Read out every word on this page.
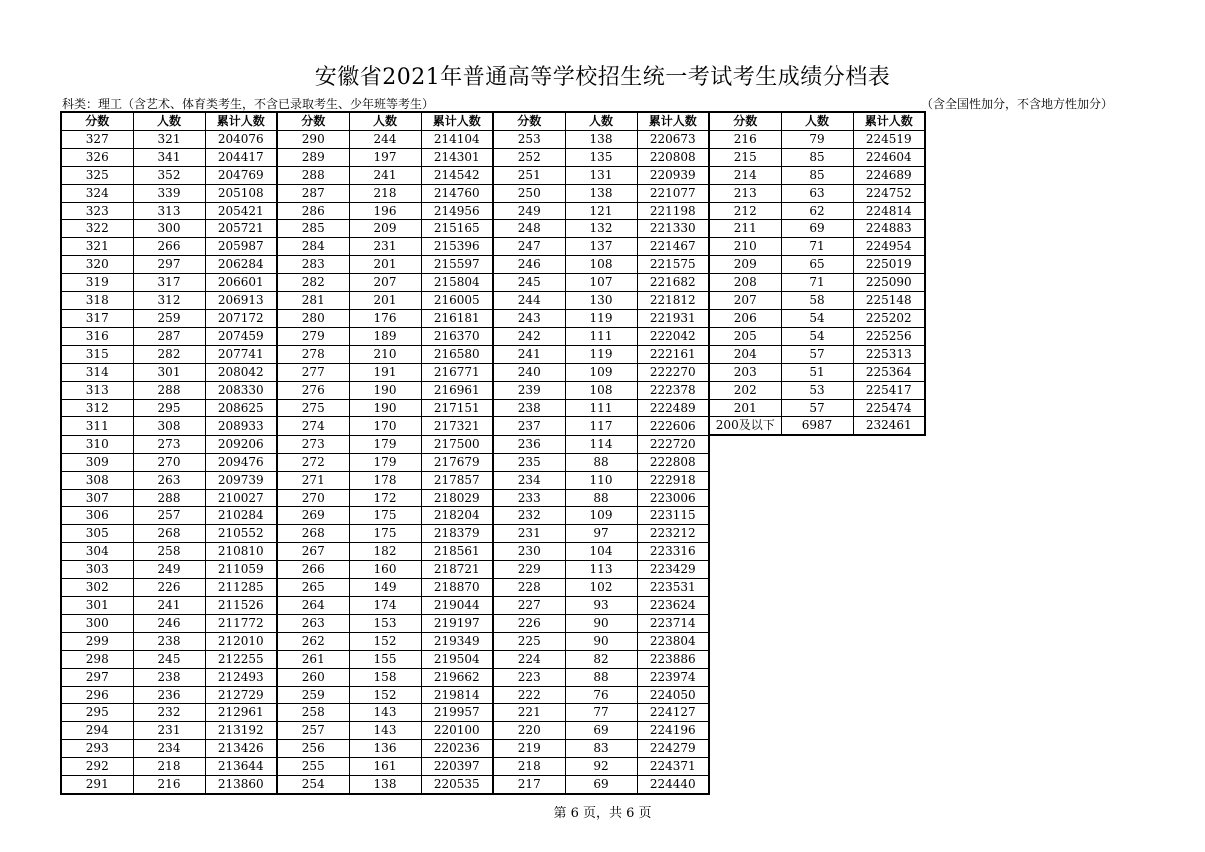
安徽省2021年普通高等学校招生统一考试考生成绩分档表
科类：理工（含艺术、体育类考生，不含已录取考生、少年班等考生）	（含全国性加分，不含地方性加分）
分数	人数	累计人数	分数	人数	累计人数	分数	人数	累计人数	分数	人数	累计人数
327	321	204076	290	244	214104	253	138	220673	216	79	224519
326	341	204417	289	197	214301	252	135	220808	215	85	224604
325	352	204769	288	241	214542	251	131	220939	214	85	224689
324	339	205108	287	218	214760	250	138	221077	213	63	224752
323	313	205421	286	196	214956	249	121	221198	212	62	224814
322	300	205721	285	209	215165	248	132	221330	211	69	224883
321	266	205987	284	231	215396	247	137	221467	210	71	224954
320	297	206284	283	201	215597	246	108	221575	209	65	225019
319	317	206601	282	207	215804	245	107	221682	208	71	225090
318	312	206913	281	201	216005	244	130	221812	207	58	225148
317	259	207172	280	176	216181	243	119	221931	206	54	225202
316	287	207459	279	189	216370	242	111	222042	205	54	225256
315	282	207741	278	210	216580	241	119	222161	204	57	225313
314	301	208042	277	191	216771	240	109	222270	203	51	225364
313	288	208330	276	190	216961	239	108	222378	202	53	225417
312	295	208625	275	190	217151	238	111	222489	201	57	225474
311	308	208933	274	170	217321	237	117	222606	200及以下	6987	232461
310	273	209206	273	179	217500	236	114	222720			
309	270	209476	272	179	217679	235	88	222808			
308	263	209739	271	178	217857	234	110	222918			
307	288	210027	270	172	218029	233	88	223006			
306	257	210284	269	175	218204	232	109	223115			
305	268	210552	268	175	218379	231	97	223212			
304	258	210810	267	182	218561	230	104	223316			
303	249	211059	266	160	218721	229	113	223429			
302	226	211285	265	149	218870	228	102	223531			
301	241	211526	264	174	219044	227	93	223624			
300	246	211772	263	153	219197	226	90	223714			
299	238	212010	262	152	219349	225	90	223804			
298	245	212255	261	155	219504	224	82	223886			
297	238	212493	260	158	219662	223	88	223974			
296	236	212729	259	152	219814	222	76	224050			
295	232	212961	258	143	219957	221	77	224127			
294	231	213192	257	143	220100	220	69	224196			
293	234	213426	256	136	220236	219	83	224279			
292	218	213644	255	161	220397	218	92	224371			
291	216	213860	254	138	220535	217	69	224440			
第 6 页，共 6 页
